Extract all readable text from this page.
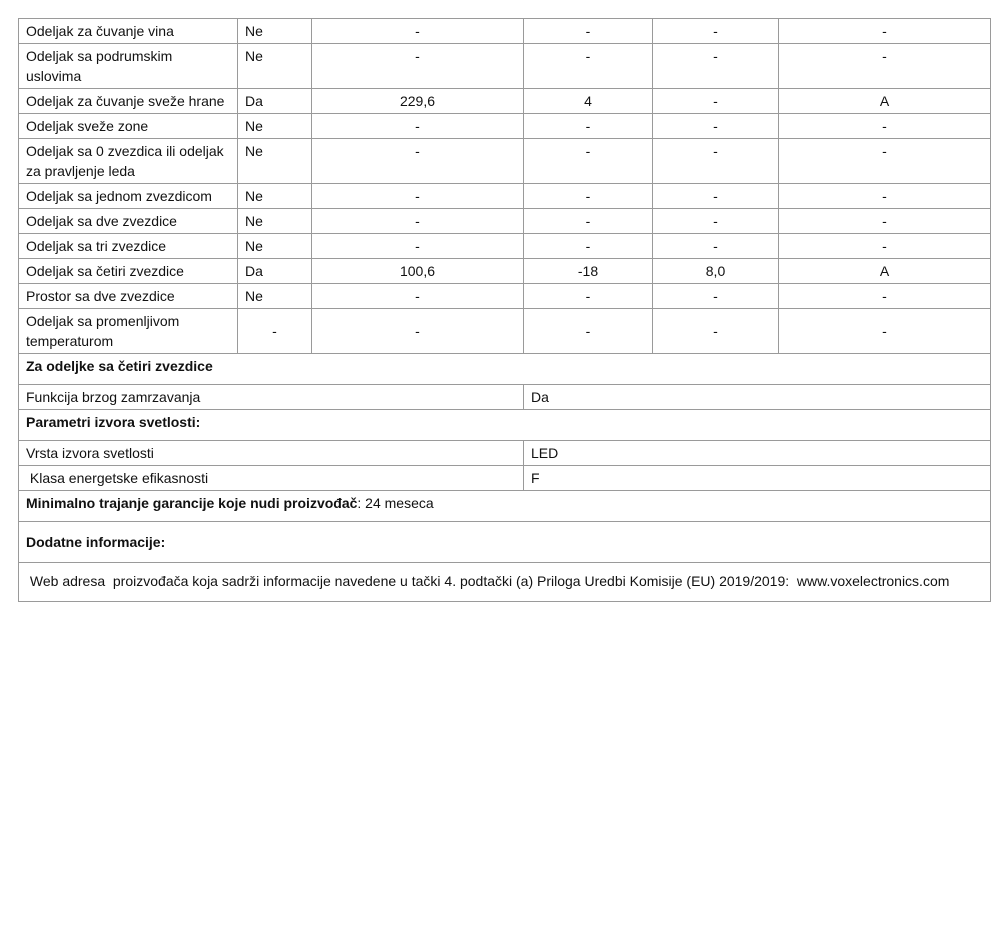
Odeljak za čuvanje vina	Ne	-	-	-	-
Odeljak sa podrumskim uslovima	Ne	-	-	-	-
Odeljak za čuvanje sveže hrane	Da	229,6	4	-	A
Odeljak sveže zone	Ne	-	-	-	-
Odeljak sa 0 zvezdica ili odeljak za pravljenje leda	Ne	-	-	-	-
Odeljak sa jednom zvezdicom	Ne	-	-	-	-
Odeljak sa dve zvezdice	Ne	-	-	-	-
Odeljak sa tri zvezdice	Ne	-	-	-	-
Odeljak sa četiri zvezdice	Da	100,6	-18	8,0	A
Prostor sa dve zvezdice	Ne	-	-	-	-
Odeljak sa promenljivom temperaturom	-	-	-	-	-
Za odeljke sa četiri zvezdice					
Funkcija brzog zamrzavanja			Da		
Parametri izvora svetlosti:					
Vrsta izvora svetlosti			LED		
Klasa energetske efikasnosti			F		
Minimalno trajanje garancije koje nudi proizvođač: 24 meseca					
Dodatne informacije:					
Web adresa  proizvođača koja sadrži informacije navedene u tački 4. podtački (a) Priloga Uredbi Komisije (EU) 2019/2019:  www.voxelectronics.com					
